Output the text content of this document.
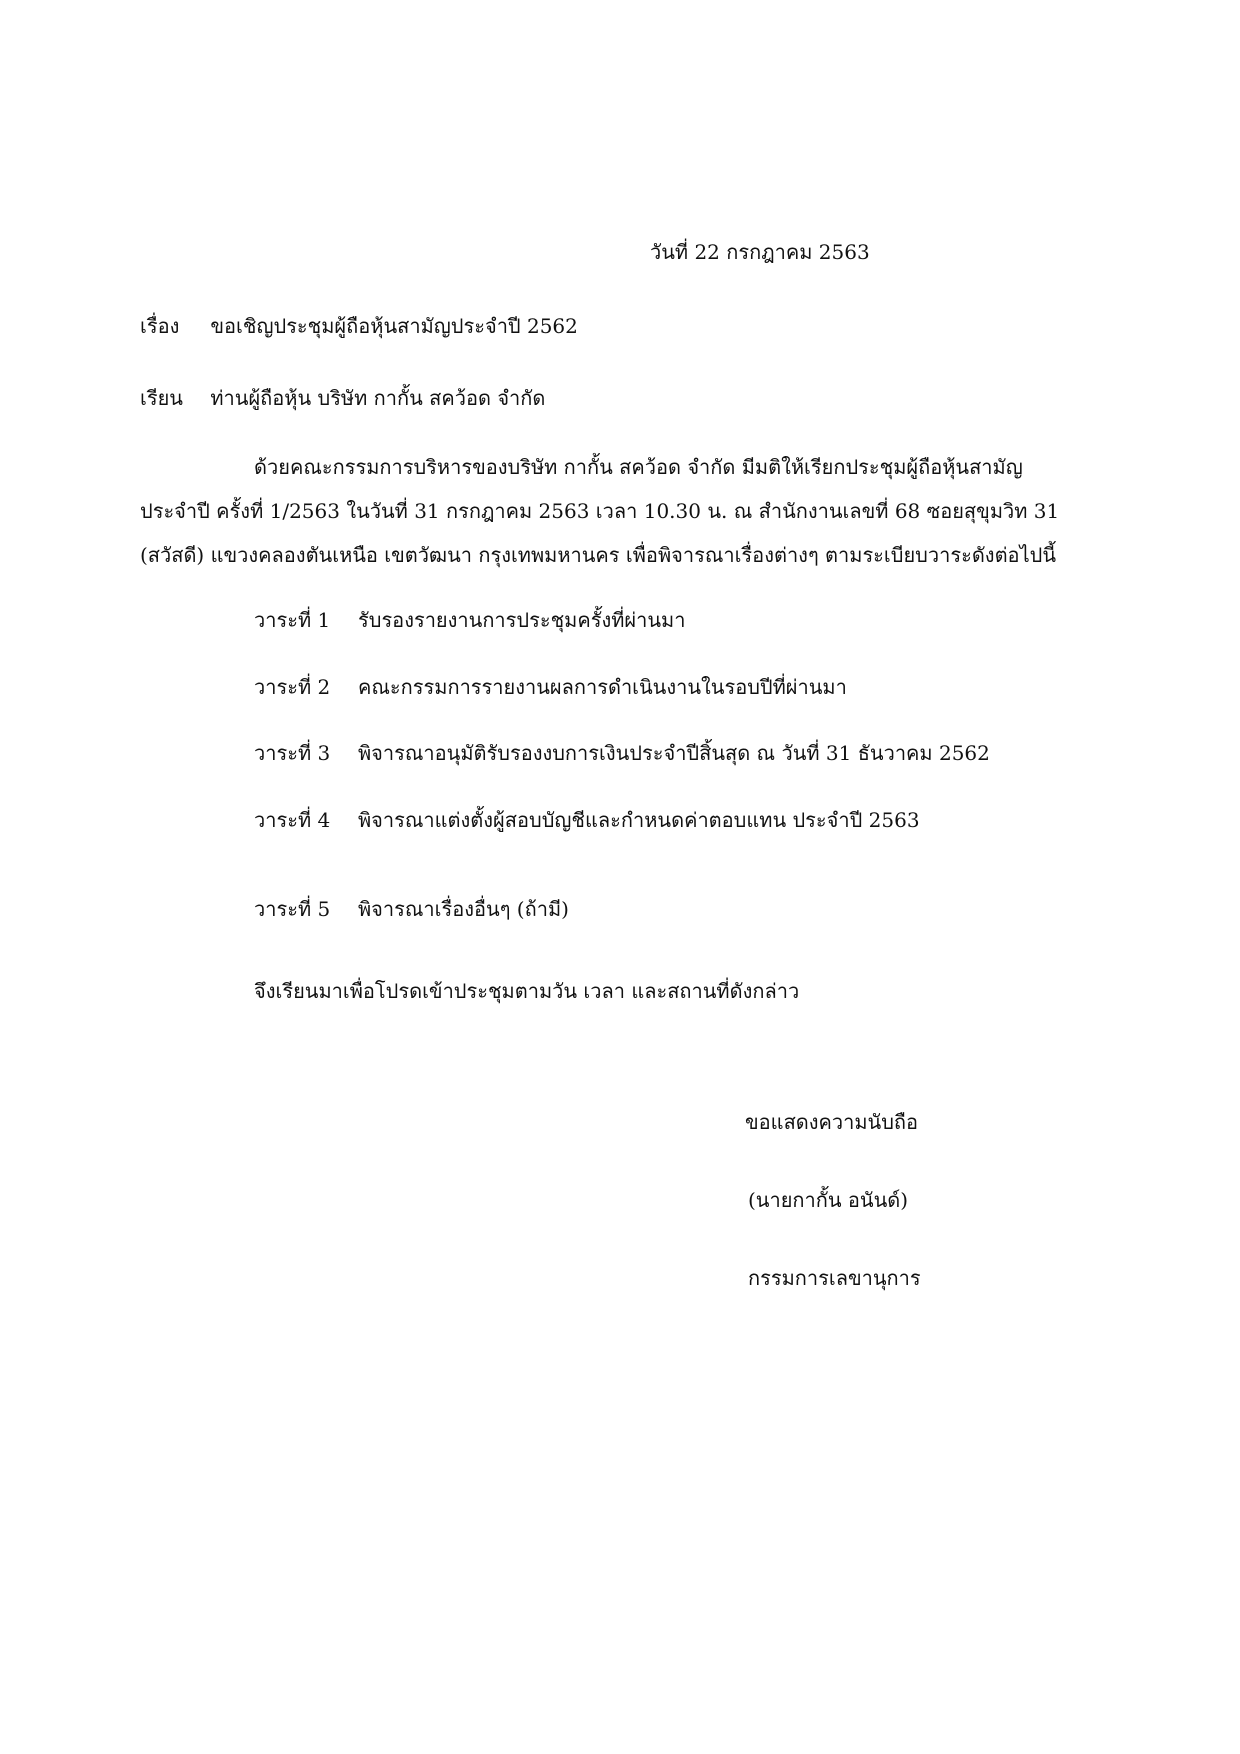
วันที่ 22 กรกฎาคม 2563
เรื่อง ขอเชิญประชุมผู้ถือหุ้นสามัญประจำปี 2562
เรียน ท่านผู้ถือหุ้น บริษัท กากั้น สคว้อด จำกัด
ด้วยคณะกรรมการบริหารของบริษัท กากั้น สคว้อด จำกัด มีมติให้เรียกประชุมผู้ถือหุ้นสามัญ
ประจำปี ครั้งที่ 1/2563 ในวันที่ 31 กรกฎาคม 2563 เวลา 10.30 น. ณ สำนักงานเลขที่ 68 ซอยสุขุมวิท 31
(สวัสดี) แขวงคลองตันเหนือ เขตวัฒนา กรุงเทพมหานคร เพื่อพิจารณาเรื่องต่างๆ ตามระเบียบวาระดังต่อไปนี้
วาระที่ 1 รับรองรายงานการประชุมครั้งที่ผ่านมา
วาระที่ 2 คณะกรรมการรายงานผลการดำเนินงานในรอบปีที่ผ่านมา
วาระที่ 3 พิจารณาอนุมัติรับรองงบการเงินประจำปีสิ้นสุด ณ วันที่ 31 ธันวาคม 2562
วาระที่ 4 พิจารณาแต่งตั้งผู้สอบบัญชีและกำหนดค่าตอบแทน ประจำปี 2563
วาระที่ 5 พิจารณาเรื่องอื่นๆ (ถ้ามี)
จึงเรียนมาเพื่อโปรดเข้าประชุมตามวัน เวลา และสถานที่ดังกล่าว
ขอแสดงความนับถือ
(นายกากั้น อนันด์)
กรรมการเลขานุการ
